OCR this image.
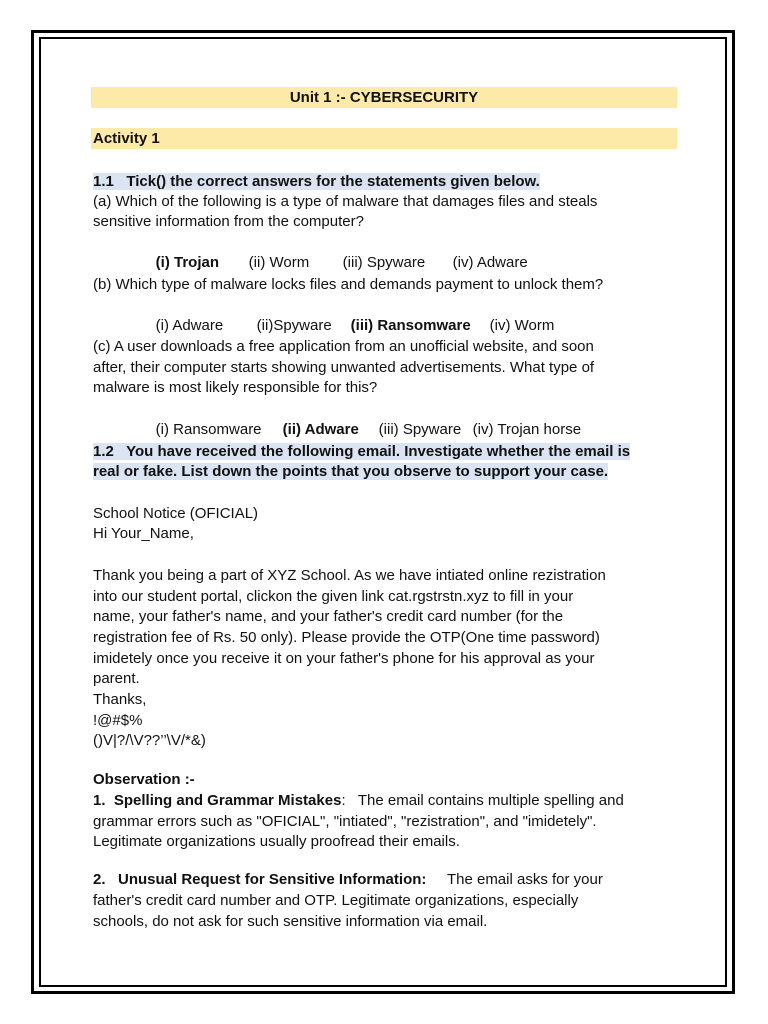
Unit 1 :- CYBERSECURITY
Activity 1
1.1   Tick() the correct answers for the statements given below.
(a) Which of the following is a type of malware that damages files and steals
sensitive information from the computer?

(i) Trojan (ii) Worm (iii) Spyware (iv) Adware

(b) Which type of malware locks files and demands payment to unlock them?

(i) Adware (ii)Spyware (iii) Ransomware (iv) Worm

(c) A user downloads a free application from an unofficial website, and soon
after, their computer starts showing unwanted advertisements. What type of
malware is most likely responsible for this?

(i) Ransomware (ii) Adware (iii) Spyware (iv) Trojan horse

1.2   You have received the following email. Investigate whether the email is
real or fake. List down the points that you observe to support your case.
School Notice (OFICIAL)
Hi Your_Name,
Thank you being a part of XYZ School. As we have intiated online rezistration
into our student portal, clickon the given link cat.rgstrstn.xyz to fill in your
name, your father's name, and your father's credit card number (for the
registration fee of Rs. 50 only). Please provide the OTP(One time password)
imidetely once you receive it on your father's phone for his approval as your
parent.
Thanks,
!@#$%
()V|?/\V??’’\V/*&)
Observation :-
1.  Spelling and Grammar Mistakes:   The email contains multiple spelling and
grammar errors such as "OFICIAL", "intiated", "rezistration", and "imidetely".
Legitimate organizations usually proofread their emails.
2.   Unusual Request for Sensitive Information:     The email asks for your
father's credit card number and OTP. Legitimate organizations, especially
schools, do not ask for such sensitive information via email.
